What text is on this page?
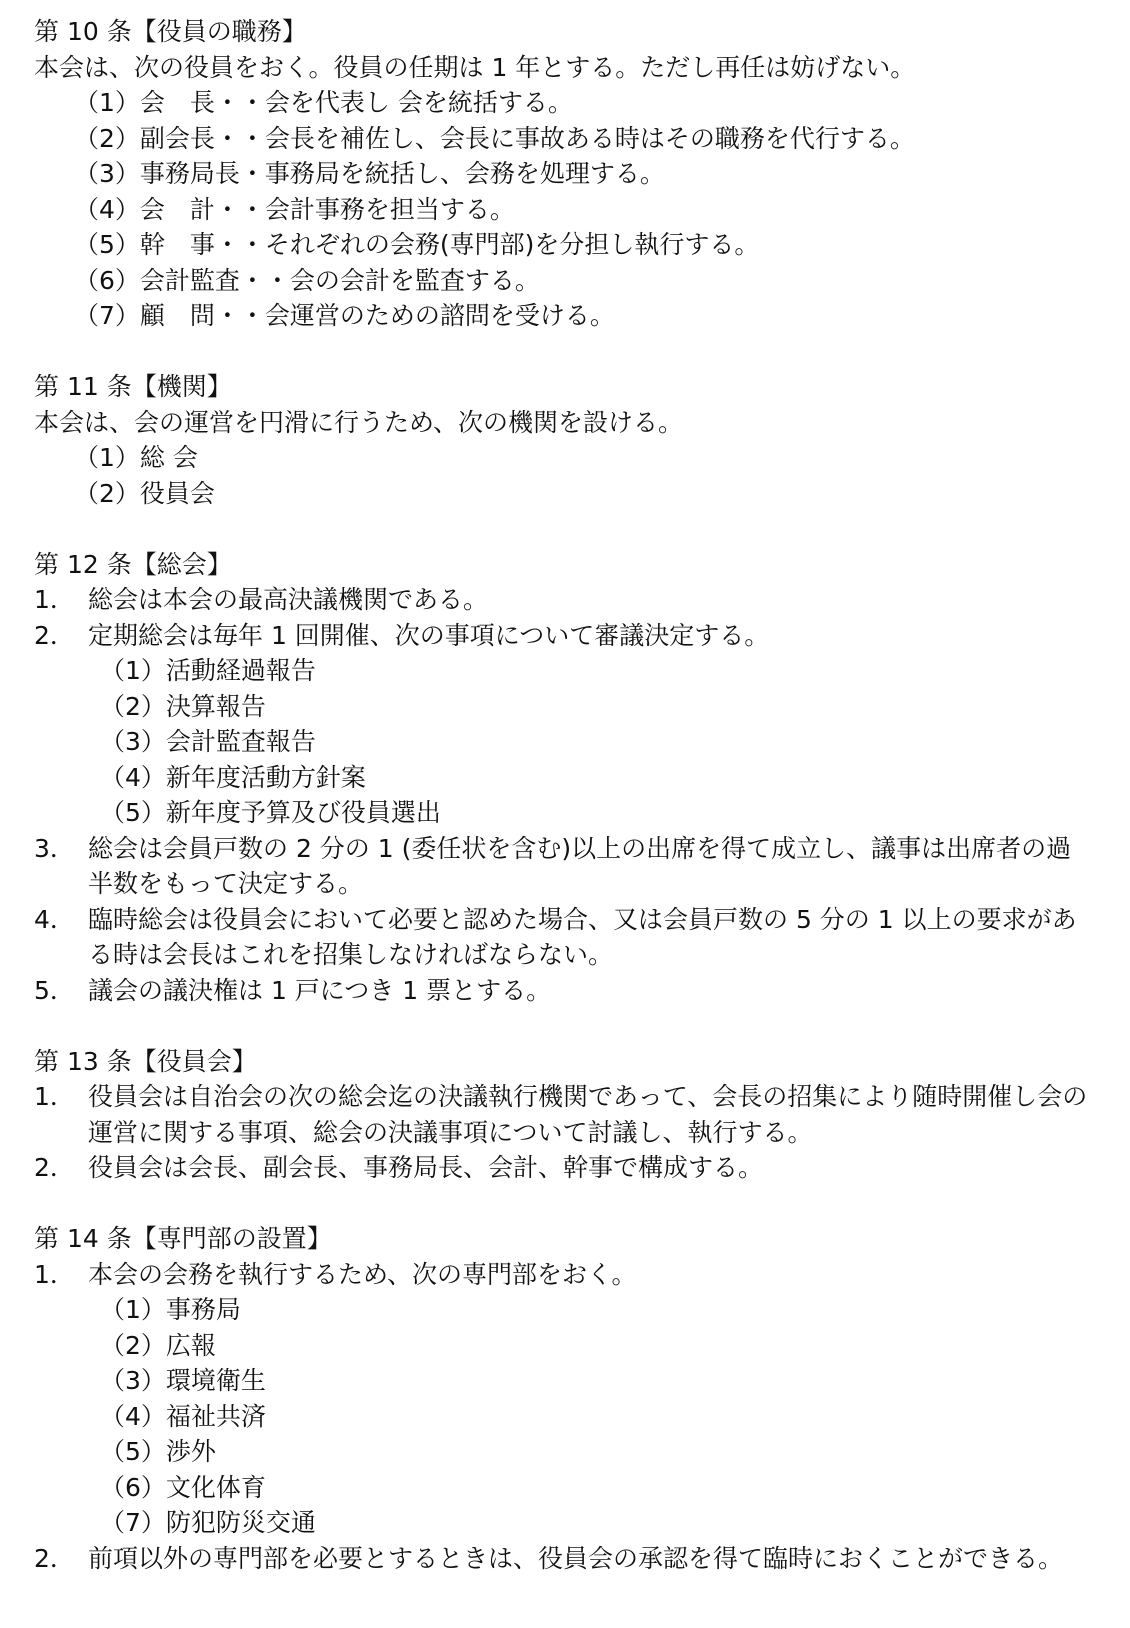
第 10 条【役員の職務】

本会は、次の役員をおく。役員の任期は 1 年とする。ただし再任は妨げない。

（1）会　長・・会を代表し 会を統括する。

（2）副会長・・会長を補佐し、会長に事故ある時はその職務を代行する。

（3）事務局長・事務局を統括し、会務を処理する。

（4）会　計・・会計事務を担当する。

（5）幹　事・・それぞれの会務(専門部)を分担し執行する。

（6）会計監査・・会の会計を監査する。

（7）顧　問・・会運営のための諮問を受ける。

第 11 条【機関】

本会は、会の運営を円滑に行うため、次の機関を設ける。

（1）総 会

（2）役員会

第 12 条【総会】

1． 総会は本会の最高決議機関である。
2． 定期総会は毎年 1 回開催、次の事項について審議決定する。

（1）活動経過報告

（2）決算報告

（3）会計監査報告

（4）新年度活動方針案

（5）新年度予算及び役員選出

3． 総会は会員戸数の 2 分の 1 (委任状を含む)以上の出席を得て成立し、議事は出席者の過半数をもって決定する。
4． 臨時総会は役員会において必要と認めた場合、又は会員戸数の 5 分の 1 以上の要求がある時は会長はこれを招集しなければならない。
5． 議会の議決権は 1 戸につき 1 票とする。

第 13 条【役員会】

1． 役員会は自治会の次の総会迄の決議執行機関であって、会長の招集により随時開催し会の運営に関する事項、総会の決議事項について討議し、執行する。
2． 役員会は会長、副会長、事務局長、会計、幹事で構成する。

第 14 条【専門部の設置】

1． 本会の会務を執行するため、次の専門部をおく。

（1）事務局

（2）広報

（3）環境衛生

（4）福祉共済

（5）渉外

（6）文化体育

（7）防犯防災交通

2． 前項以外の専門部を必要とするときは、役員会の承認を得て臨時におくことができる。
